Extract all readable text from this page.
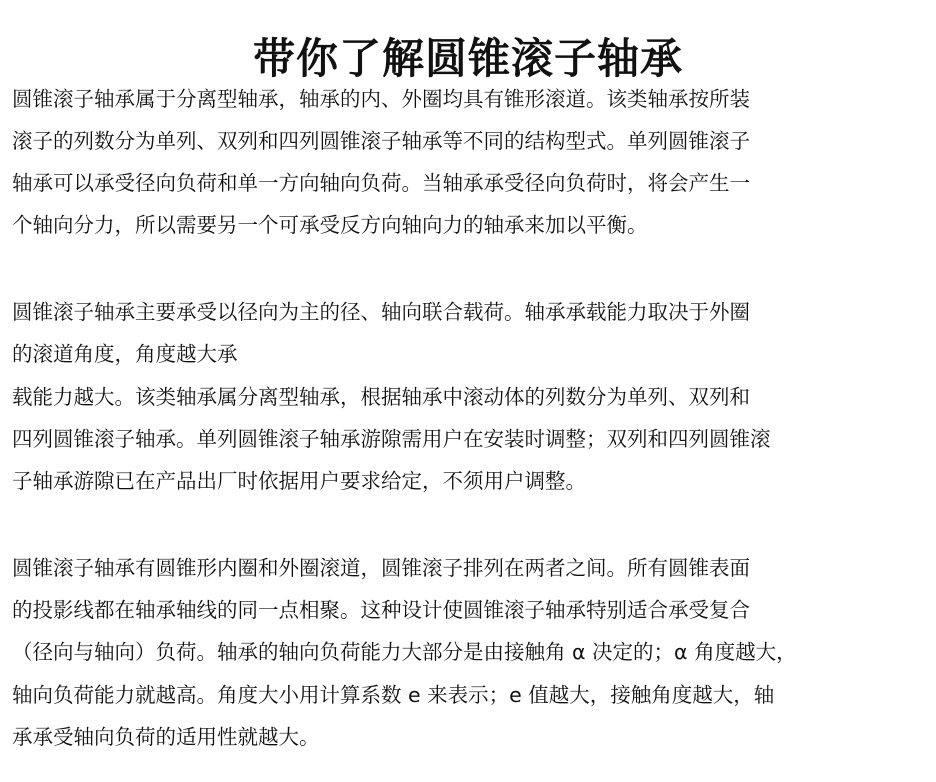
带你了解圆锥滚子轴承
圆锥滚子轴承属于分离型轴承，轴承的内、外圈均具有锥形滚道。该类轴承按所装
滚子的列数分为单列、双列和四列圆锥滚子轴承等不同的结构型式。单列圆锥滚子
轴承可以承受径向负荷和单一方向轴向负荷。当轴承承受径向负荷时，将会产生一
个轴向分力，所以需要另一个可承受反方向轴向力的轴承来加以平衡。
圆锥滚子轴承主要承受以径向为主的径、轴向联合载荷。轴承承载能力取决于外圈
的滚道角度，角度越大承
载能力越大。该类轴承属分离型轴承，根据轴承中滚动体的列数分为单列、双列和
四列圆锥滚子轴承。单列圆锥滚子轴承游隙需用户在安装时调整；双列和四列圆锥滚
子轴承游隙已在产品出厂时依据用户要求给定，不须用户调整。
圆锥滚子轴承有圆锥形内圈和外圈滚道，圆锥滚子排列在两者之间。所有圆锥表面
的投影线都在轴承轴线的同一点相聚。这种设计使圆锥滚子轴承特别适合承受复合
（径向与轴向）负荷。轴承的轴向负荷能力大部分是由接触角 α 决定的；α 角度越大，
轴向负荷能力就越高。角度大小用计算系数 e 来表示；e 值越大，接触角度越大，轴
承承受轴向负荷的适用性就越大。
